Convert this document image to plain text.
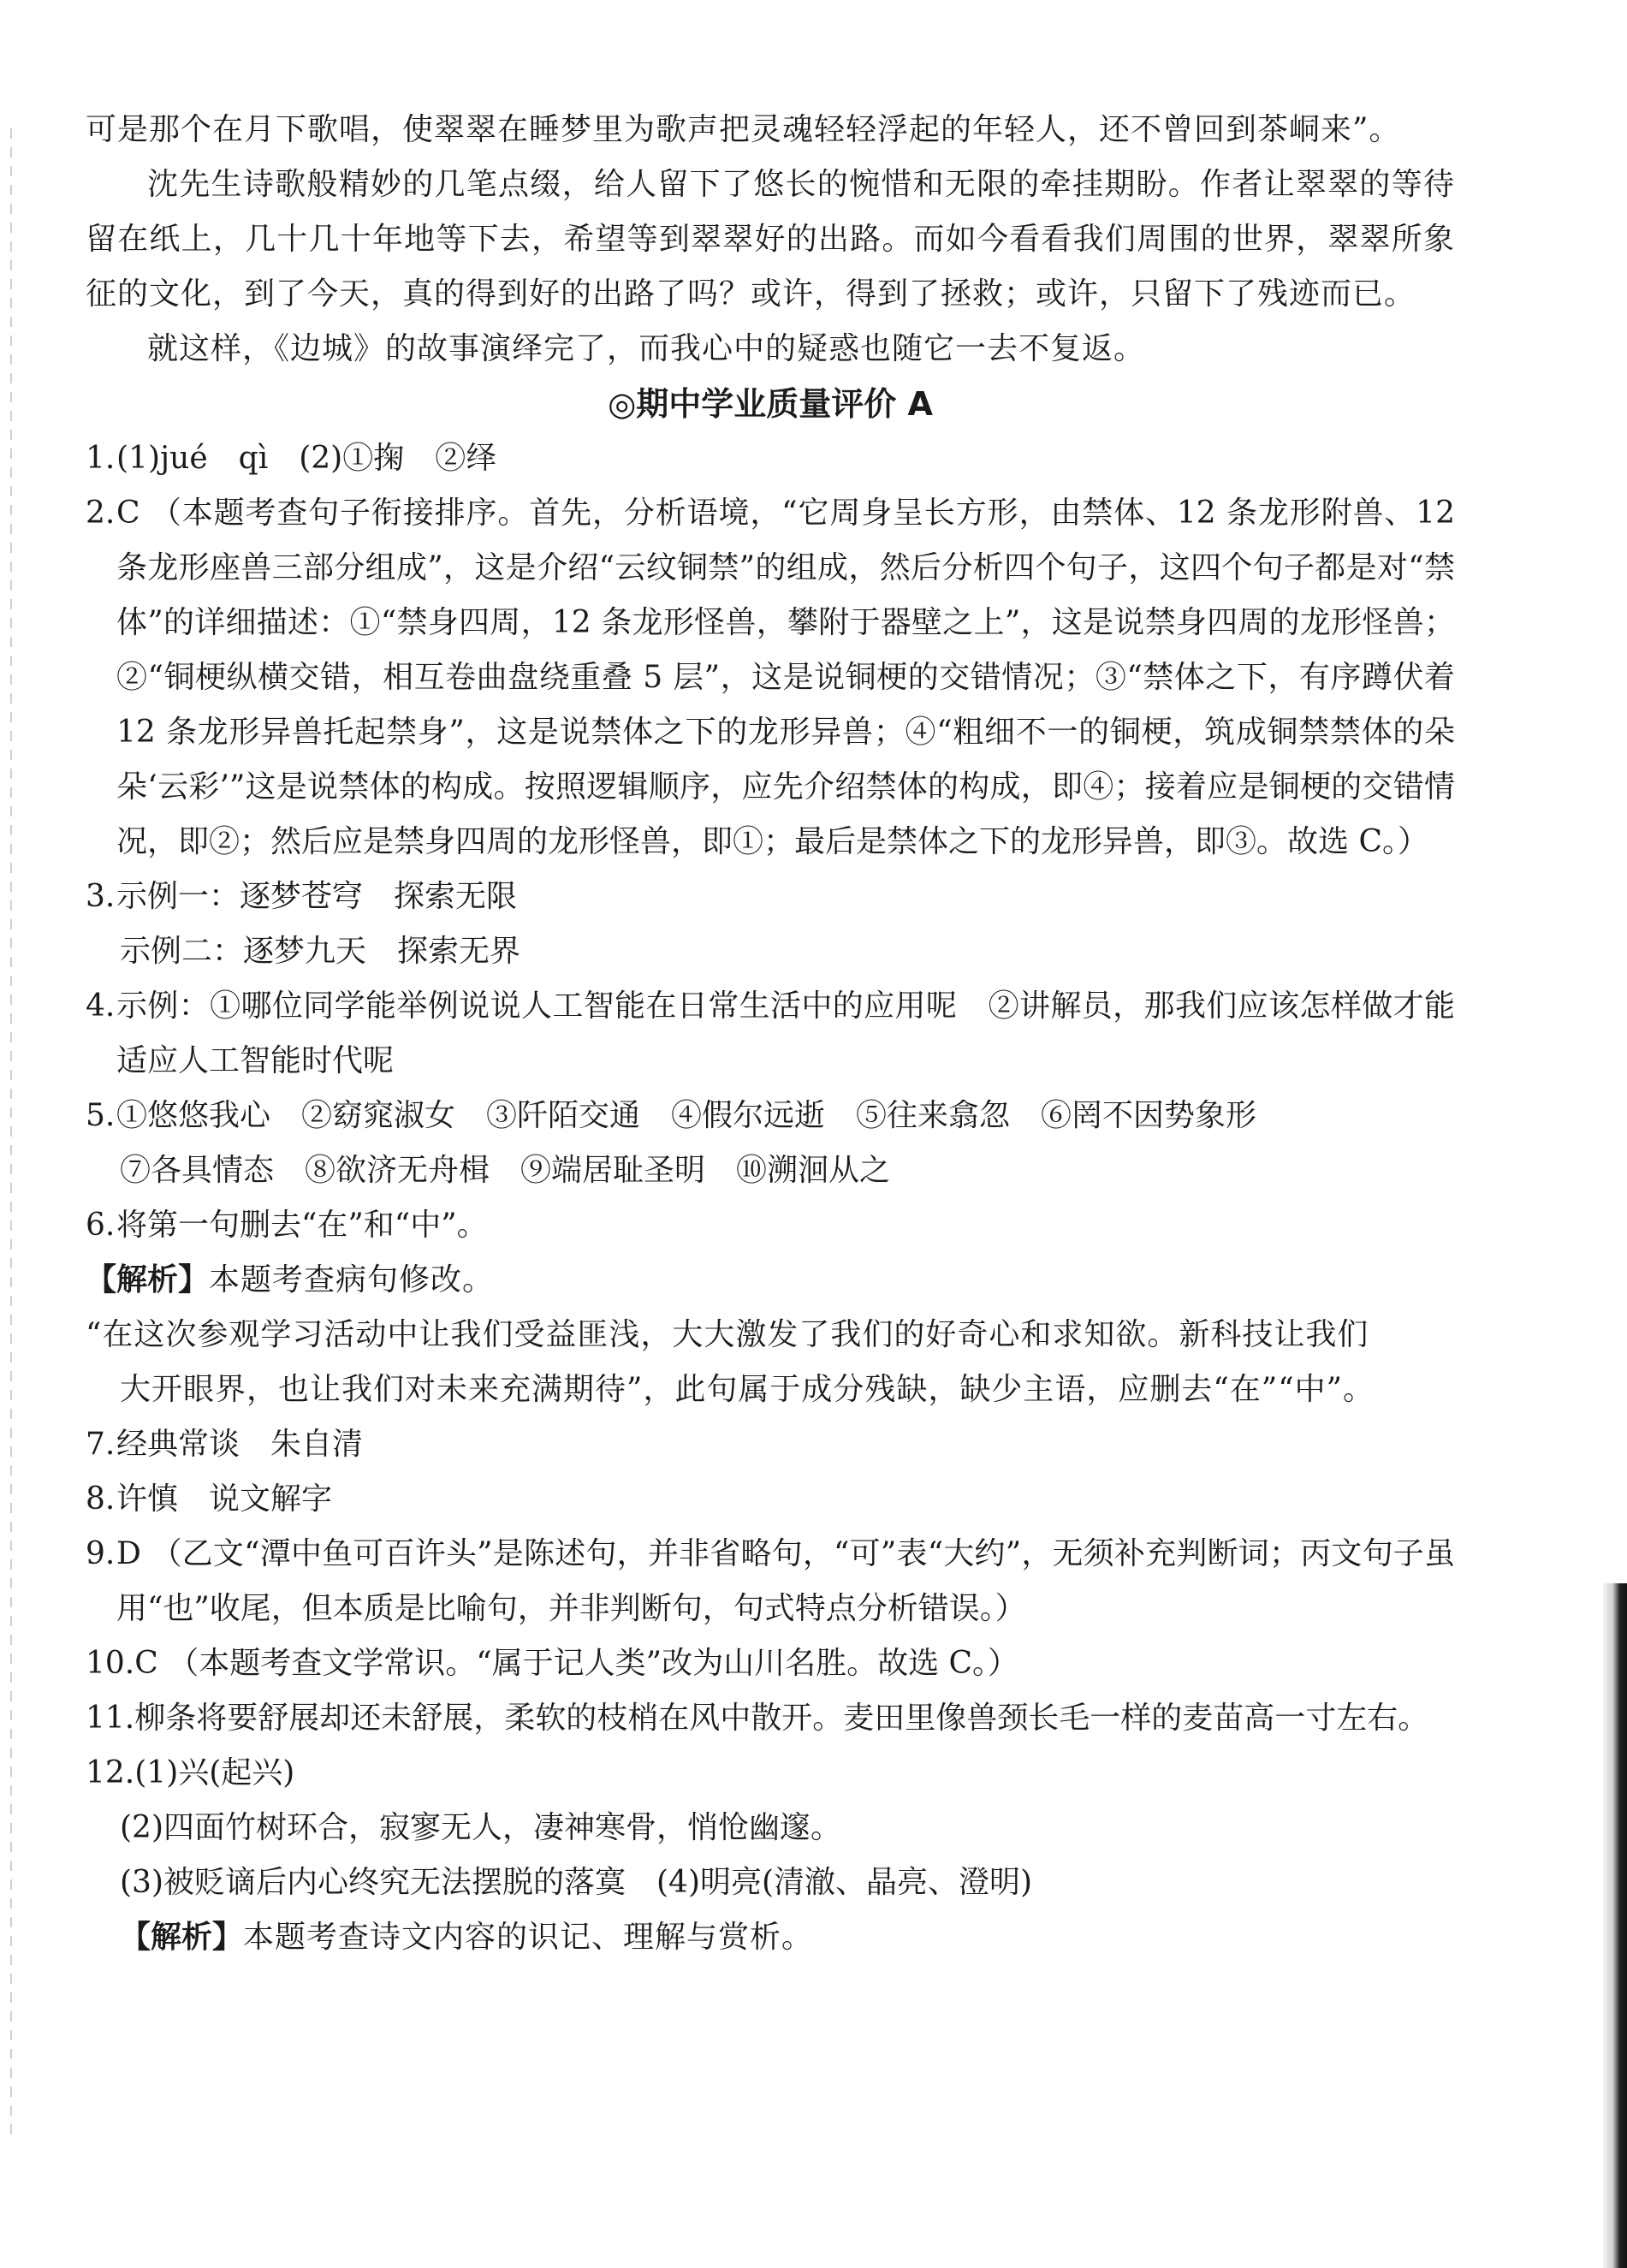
可是那个在月下歌唱，使翠翠在睡梦里为歌声把灵魂轻轻浮起的年轻人，还不曾回到茶峒来”。

沈先生诗歌般精妙的几笔点缀，给人留下了悠长的惋惜和无限的牵挂期盼。作者让翠翠的等待留在纸上，几十几十年地等下去，希望等到翠翠好的出路。而如今看看我们周围的世界，翠翠所象征的文化，到了今天，真的得到好的出路了吗？或许，得到了拯救；或许，只留下了残迹而已。

就这样，《边城》的故事演绎完了，而我心中的疑惑也随它一去不复返。

◎期中学业质量评价 A

1. (1)jué　qì　(2)①掬　②绎
2. C （本题考查句子衔接排序。首先，分析语境，“它周身呈长方形，由禁体、12 条龙形附兽、12 条龙形座兽三部分组成”，这是介绍“云纹铜禁”的组成，然后分析四个句子，这四个句子都是对“禁体”的详细描述：①“禁身四周，12 条龙形怪兽，攀附于器壁之上”，这是说禁身四周的龙形怪兽；②“铜梗纵横交错，相互卷曲盘绕重叠 5 层”，这是说铜梗的交错情况；③“禁体之下，有序蹲伏着 12 条龙形异兽托起禁身”，这是说禁体之下的龙形异兽；④“粗细不一的铜梗，筑成铜禁禁体的朵朵‘云彩’”这是说禁体的构成。按照逻辑顺序，应先介绍禁体的构成，即④；接着应是铜梗的交错情况，即②；然后应是禁身四周的龙形怪兽，即①；最后是禁体之下的龙形异兽，即③。故选 C。）
3. 示例一：逐梦苍穹　探索无限

示例二：逐梦九天　探索无界

4. 示例：①哪位同学能举例说说人工智能在日常生活中的应用呢　②讲解员，那我们应该怎样做才能适应人工智能时代呢
5. ①悠悠我心　②窈窕淑女　③阡陌交通　④假尔远逝　⑤往来翕忽　⑥罔不因势象形

⑦各具情态　⑧欲济无舟楫　⑨端居耻圣明　⑩溯洄从之

6. 将第一句删去“在”和“中”。

【解析】本题考查病句修改。

“在这次参观学习活动中让我们受益匪浅，大大激发了我们的好奇心和求知欲。新科技让我们

大开眼界，也让我们对未来充满期待”，此句属于成分残缺，缺少主语，应删去“在”“中”。

7. 经典常谈　朱自清
8. 许慎　说文解字
9. D （乙文“潭中鱼可百许头”是陈述句，并非省略句，“可”表“大约”，无须补充判断词；丙文句子虽用“也”收尾，但本质是比喻句，并非判断句，句式特点分析错误。）
10. C （本题考查文学常识。“属于记人类”改为山川名胜。故选 C。）
11. 柳条将要舒展却还未舒展，柔软的枝梢在风中散开。麦田里像兽颈长毛一样的麦苗高一寸左右。
12. (1)兴(起兴)

(2)四面竹树环合，寂寥无人，凄神寒骨，悄怆幽邃。

(3)被贬谪后内心终究无法摆脱的落寞　(4)明亮(清澈、晶亮、澄明)

【解析】本题考查诗文内容的识记、理解与赏析。
